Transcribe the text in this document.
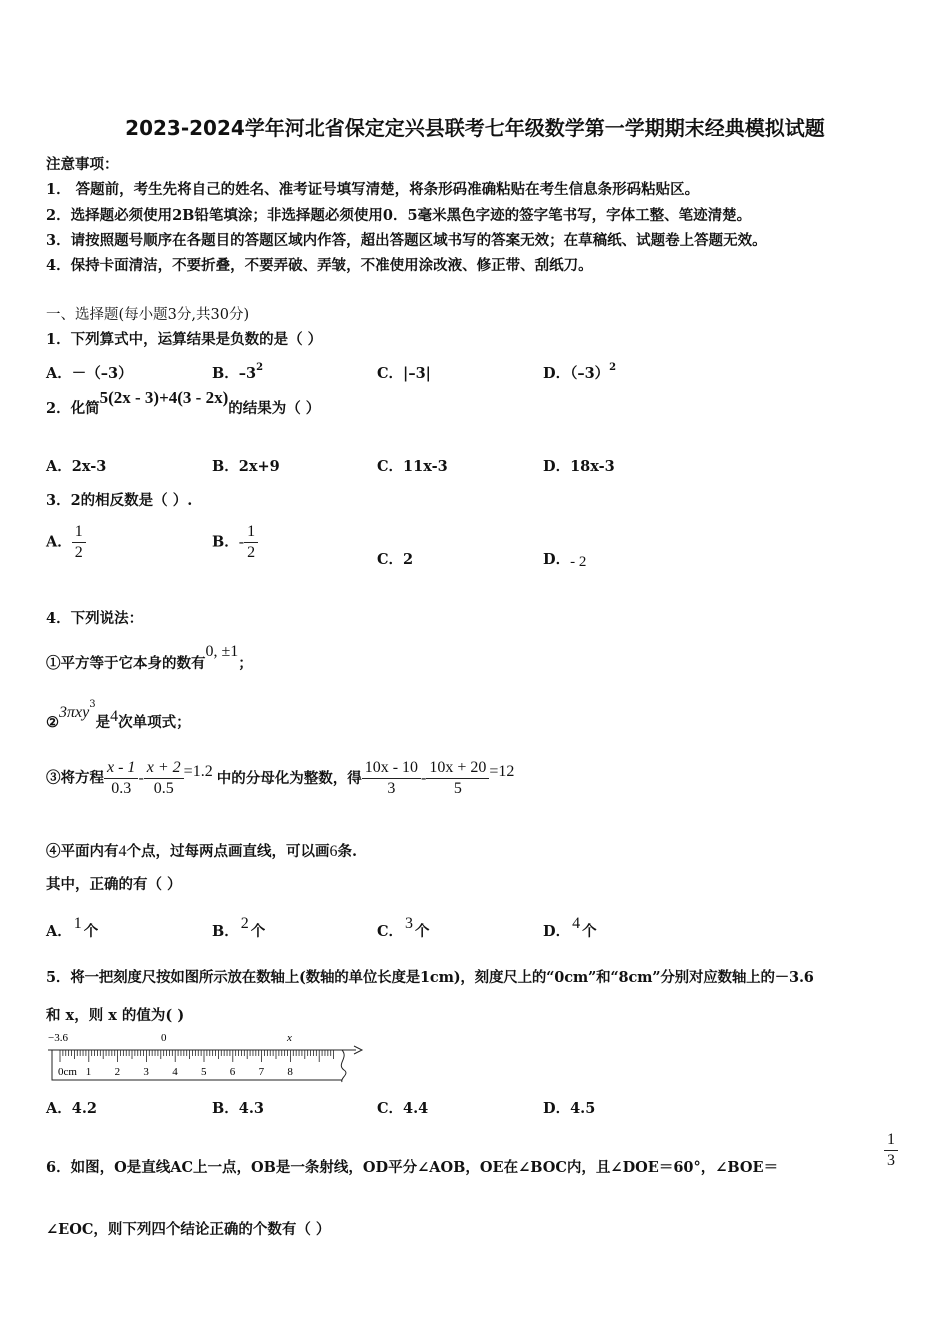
2023-2024学年河北省保定定兴县联考七年级数学第一学期期末经典模拟试题
注意事项：
1． 答题前，考生先将自己的姓名、准考证号填写清楚，将条形码准确粘贴在考生信息条形码粘贴区。
2．选择题必须使用2B铅笔填涂；非选择题必须使用0．5毫米黑色字迹的签字笔书写，字体工整、笔迹清楚。
3．请按照题号顺序在各题目的答题区域内作答，超出答题区域书写的答案无效；在草稿纸、试题卷上答题无效。
4．保持卡面清洁，不要折叠，不要弄破、弄皱，不准使用涂改液、修正带、刮纸刀。
一、选择题(每小题3分,共30分)
1．下列算式中，运算结果是负数的是（ ）
A．－（–3）	B．$-3^2$	C．|–3|	D．$(-3)^2$
2．化简5(2x - 3)+4(3 - 2x)的结果为（ ）
A．2x-3	B．2x+9	C．11x-3	D．18x-3
3．2的相反数是（ ）.
A． $\frac{1}{2}$	B．- $\frac{1}{2}$	C．2	D．- 2
4．下列说法：
①平方等于它本身的数有0, ±1；
②3πxy$^3$是4次单项式；
③将方程 $\frac{x - 1}{0.3} - \frac{x + 2}{0.5} =1.2$ 中的分母化为整数，得 $\frac{10x - 10}{3} - \frac{10x + 20}{5} =12$
④平面内有4个点，过每两点画直线，可以画6条.
其中，正确的有（ ）
A． 1 个	B． 2 个	C． 3 个	D． 4 个
5．将一把刻度尺按如图所示放在数轴上(数轴的单位长度是1cm)，刻度尺上的“0cm”和“8cm”分别对应数轴上的－3.6
和 x，则 x 的值为( )
−3.6	0	x
0cm 1 2 3 4 5 6 7 8
A．4.2	B．4.3	C．4.4	D．4.5
6．如图，O是直线AC上一点，OB是一条射线，OD平分∠AOB，OE在∠BOC内，且∠DOE＝60°，∠BOE＝	$\frac{1}{3}$
∠EOC，则下列四个结论正确的个数有（ ）
